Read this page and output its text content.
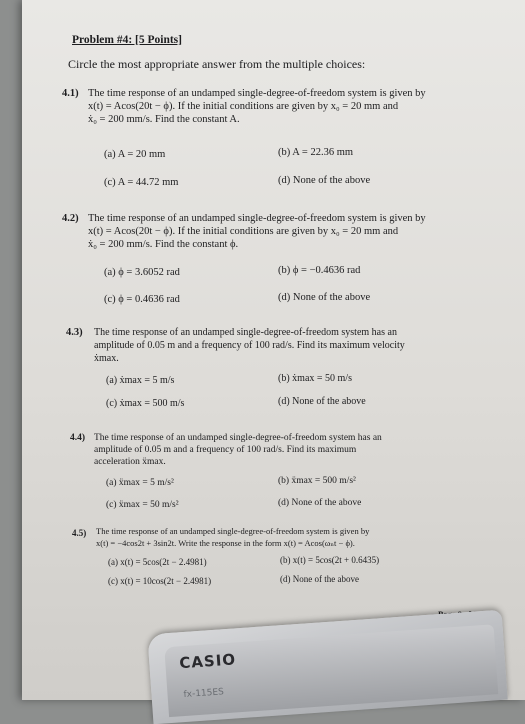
Problem #4: [5 Points]
Circle the most appropriate answer from the multiple choices:
4.1) The time response of an undamped single-degree-of-freedom system is given by
x(t) = Acos(20t − ϕ). If the initial conditions are given by x₀ = 20 mm and
ẋ₀ = 200 mm/s. Find the constant A.
(a) A = 20 mm	(b) A = 22.36 mm
(c) A = 44.72 mm	(d) None of the above
4.2) The time response of an undamped single-degree-of-freedom system is given by
x(t) = Acos(20t − ϕ). If the initial conditions are given by x₀ = 20 mm and
ẋ₀ = 200 mm/s. Find the constant ϕ.
(a) ϕ = 3.6052 rad	(b) ϕ = −0.4636 rad
(c) ϕ = 0.4636 rad	(d) None of the above
4.3) The time response of an undamped single-degree-of-freedom system has an
amplitude of 0.05 m and a frequency of 100 rad/s. Find its maximum velocity
ẋmax.
(a) ẋmax = 5 m/s	(b) ẋmax = 50 m/s
(c) ẋmax = 500 m/s	(d) None of the above
4.4) The time response of an undamped single-degree-of-freedom system has an
amplitude of 0.05 m and a frequency of 100 rad/s. Find its maximum
acceleration ẍmax.
(a) ẍmax = 5 m/s²	(b) ẍmax = 500 m/s²
(c) ẍmax = 50 m/s²	(d) None of the above
4.5) The time response of an undamped single-degree-of-freedom system is given by
x(t) = −4cos2t + 3sin2t. Write the response in the form x(t) = Acos(ωₙt − ϕ).
(a) x(t) = 5cos(2t − 2.4981)	(b) x(t) = 5cos(2t + 0.6435)
(c) x(t) = 10cos(2t − 2.4981)	(d) None of the above
CASIO
fx-115ES
